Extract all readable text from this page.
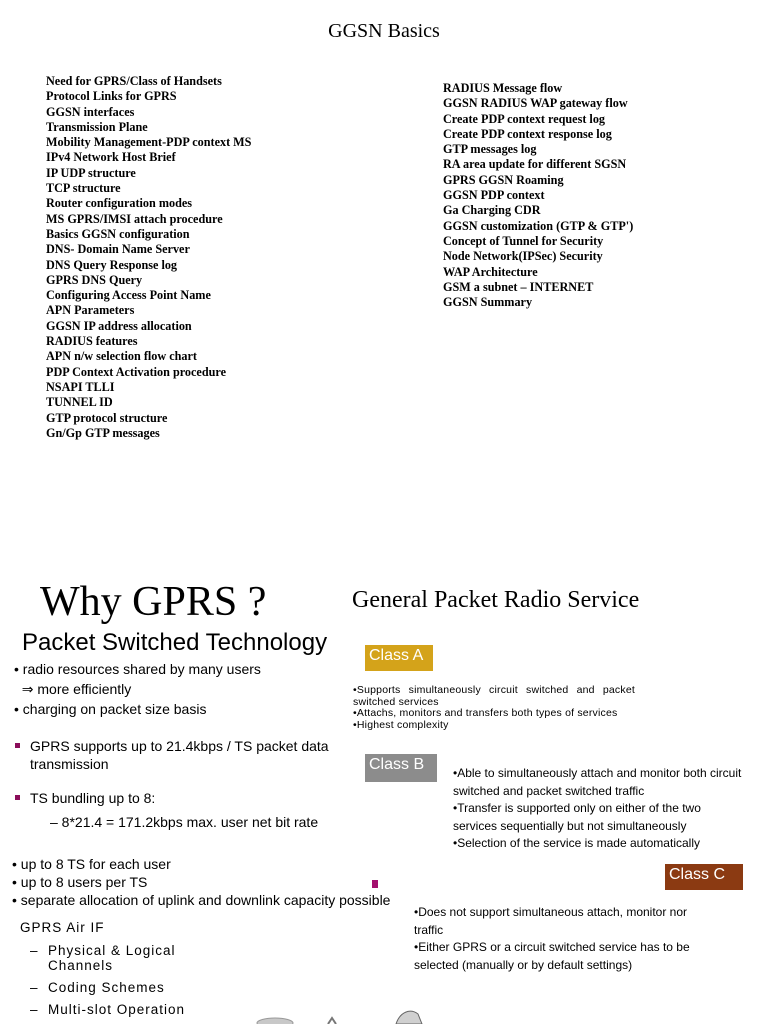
GGSN Basics
Need for GPRS/Class of Handsets
Protocol Links for GPRS
GGSN interfaces
Transmission Plane
Mobility Management-PDP context MS
IPv4 Network Host Brief
IP UDP structure
TCP structure
Router configuration modes
MS GPRS/IMSI attach procedure
Basics GGSN configuration
DNS- Domain Name Server
DNS Query Response log
GPRS DNS Query
Configuring Access Point Name
APN Parameters
GGSN IP address allocation
RADIUS features
APN n/w selection flow chart
PDP Context Activation procedure
NSAPI TLLI
TUNNEL ID
GTP protocol structure
Gn/Gp GTP messages
RADIUS Message flow
GGSN RADIUS WAP gateway flow
Create PDP context request log
Create PDP context response log
GTP messages log
RA area update for different SGSN
GPRS GGSN Roaming
GGSN PDP context
Ga Charging CDR
GGSN customization (GTP & GTP')
Concept of Tunnel for Security
Node Network(IPSec) Security
WAP Architecture
GSM a subnet – INTERNET
GGSN Summary
Why GPRS ?	General Packet Radio Service
Packet Switched Technology
• radio resources shared by many users
⇒ more efficiently
• charging on packet size basis
GPRS supports up to 21.4kbps / TS packet data transmission
TS bundling up to 8:
– 8*21.4 = 171.2kbps max. user net bit rate
• up to 8 TS for each user
• up to 8 users per TS
• separate allocation of uplink and downlink capacity possible
GPRS Air IF
– Physical & Logical
Channels
– Coding Schemes
– Multi-slot Operation
Class A
•Supports simultaneously circuit switched and packet switched services
•Attachs, monitors and transfers both types of services
•Highest complexity
Class B	•Able to simultaneously attach and monitor both circuit switched and packet switched traffic
•Transfer is supported only on either of the two services sequentially but not simultaneously
•Selection of the service is made automatically
Class C
•Does not support simultaneous attach, monitor nor traffic
•Either GPRS or a circuit switched service has to be selected (manually or by default settings)
